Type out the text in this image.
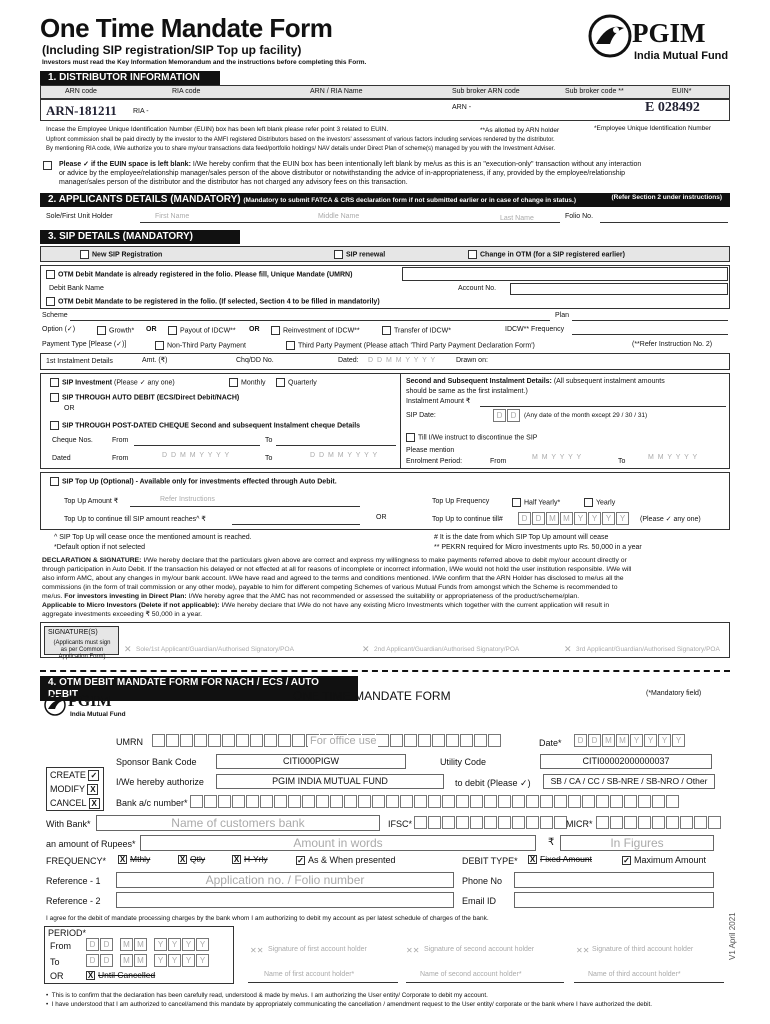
One Time Mandate Form
(Including SIP registration/SIP Top up facility)
Investors must read the Key Information Memorandum and the instructions before completing this Form.
PGIM
India Mutual Fund
1. DISTRIBUTOR INFORMATION
ARN code	RIA code	ARN / RIA Name	Sub broker ARN code	Sub broker code **	EUIN*
ARN-181211 RIA -
ARN -	E 028492
Incase the Employee Unique Identification Number (EUIN) box has been left blank please refer point 3 related to EUIN.	**As allotted by ARN holder	*Employee Unique Identification Number
Upfront commission shall be paid directly by the investor to the AMFI registered Distributors based on the investors' assessment of various factors including services rendered by the distributor.
By mentioning RIA code, I/We authorize you to share my/our transactions data feed/portfolio holdings/ NAV details under Direct Plan of scheme(s) managed by you with the Investment Adviser.
Please ✓ if the EUIN space is left blank: I/We hereby confirm that the EUIN box has been intentionally left blank by me/us as this is an "execution-only" transaction without any interaction
or advice by the employee/relationship manager/sales person of the above distributor or notwithstanding the advice of in-appropriateness, if any, provided by the employee/relationship
manager/sales person of the distributor and the distributor has not charged any advisory fees on this transaction.
2. APPLICANTS DETAILS (MANDATORY) (Mandatory to submit FATCA & CRS declaration form if not submitted earlier or in case of change in status.)	(Refer Section 2 under instructions)
Sole/First Unit Holder	First Name	Middle Name	Last Name	Folio No.
3. SIP DETAILS (MANDATORY)
New SIP Registration	SIP renewal	Change in OTM (for a SIP registered earlier)
OTM Debit Mandate is already registered in the folio. Please fill, Unique Mandate (UMRN)
Debit Bank Name	Account No.
OTM Debit Mandate to be registered in the folio. (If selected, Section 4 to be filled in mandatorily)
Scheme	Plan
Option (✓)	Growth* OR	Payout of IDCW** OR	Reinvestment of IDCW**	Transfer of IDCW*	IDCW** Frequency
Payment Type [Please (✓)]	Non-Third Party Payment	Third Party Payment (Please attach 'Third Party Payment Declaration Form')	(**Refer Instruction No. 2)
1st Instalment Details	Amt. (₹)	Chq/DD No.	Dated: D D M M Y Y Y Y	Drawn on:
SIP Investment (Please ✓ any one)	Monthly	Quarterly
SIP THROUGH AUTO DEBIT (ECS/Direct Debit/NACH)
OR
SIP THROUGH POST-DATED CHEQUE Second and subsequent Instalment cheque Details
Cheque Nos.	From	To
Dated	From	D D M M Y Y Y Y	To	D D M M Y Y Y Y
Second and Subsequent Instalment Details: (All subsequent instalment amounts
should be same as the first instalment.)
Instalment Amount ₹
SIP Date:	D D	(Any date of the month except 29 / 30 / 31)
Till I/We instruct to discontinue the SIP
Please mention
Enrolment Period:	From
M M Y Y Y Y
To
M M Y Y Y Y
SIP Top Up (Optional) - Available only for investments effected through Auto Debit.
Top Up Amount ₹	Refer Instructions	Top Up Frequency	Half Yearly*	Yearly
Top Up to continue till SIP amount reaches^ ₹	OR	Top Up to continue till#	D D M M Y Y Y Y	(Please ✓ any one)
^ SIP Top Up will cease once the mentioned amount is reached.
*Default option if not selected
# It is the date from which SIP Top Up amount will cease
** PEKRN required for Micro investments upto Rs. 50,000 in a year
DECLARATION & SIGNATURE: I/We hereby declare that the particulars given above are correct and express my willingness to make payments referred above to debit my/our account directly or
through participation in Auto Debit. If the transaction his delayed or not effected at all for reasons of incomplete or incorrect information, I/We would not hold the user institution responsible. I/We will
also inform AMC, about any changes in my/our bank account. I/We have read and agreed to the terms and conditions mentioned. I/We confirm that the ARN Holder has disclosed to me/us all the
commissions (in the form of trail commission or any other mode), payable to him for different competing Schemes of various Mutual Funds from amongst which the Scheme is recommended to
me/us. For investors investing in Direct Plan: I/We hereby agree that the AMC has not recommended or assessed the suitability or appropriateness of the product/scheme/plan.
Applicable to Micro Investors (Delete if not applicable): I/We hereby declare that I/We do not have any existing Micro Investments which together with the current application will result in
aggregate investments exceeding ₹ 50,000 in a year.
SIGNATURE(S)
(Applicants must sign as per Common Application Form)
✕ Sole/1st Applicant/Guardian/Authorised Signatory/POA	✕ 2nd Applicant/Guardian/Authorised Signatory/POA	✕ 3rd Applicant/Guardian/Authorised Signatory/POA
4. OTM DEBIT MANDATE FORM FOR NACH / ECS / AUTO DEBIT
PGIM
India Mutual Fund
ONE TIME MANDATE FORM	(*Mandatory field)
UMRN	For office use	Date*	D D M M Y Y Y Y
Sponsor Bank Code	CITI000PIGW	Utility Code	CITI00002000000037
CREATE ✓
MODIFY X
CANCEL X
I/We hereby authorize	PGIM INDIA MUTUAL FUND	to debit (Please ✓)	SB / CA / CC / SB-NRE / SB-NRO / Other
Bank a/c number*
With Bank*	Name of customers bank	IFSC*	MICR*
an amount of Rupees*	Amount in words	₹	In Figures
FREQUENCY* X Mthly	X Qtly	X H-Yrly	✓ As & When presented	DEBIT TYPE* X Fixed Amount	✓ Maximum Amount
Reference - 1	Application no. / Folio number	Phone No
Reference - 2	Email ID
I agree for the debit of mandate processing charges by the bank whom I am authorizing to debit my account as per latest schedule of charges of the bank.
PERIOD*
From	D D M M Y Y Y Y
To	D D M M Y Y Y Y
OR	X Until Cancelled
✕✕ Signature of first account holder	✕✕ Signature of second account holder	✕✕ Signature of third account holder
Name of first account holder*	Name of second account holder*	Name of third account holder*
V1 April 2021
•  This is to confirm that the declaration has been carefully read, understood & made by me/us. I am authorizing the User entity/ Corporate to debit my account.
•  I have understood that I am authorized to cancel/amend this mandate by appropriately communicating the cancellation / amendment request to the User entity/ corporate or the bank where I have authorized the debit.
